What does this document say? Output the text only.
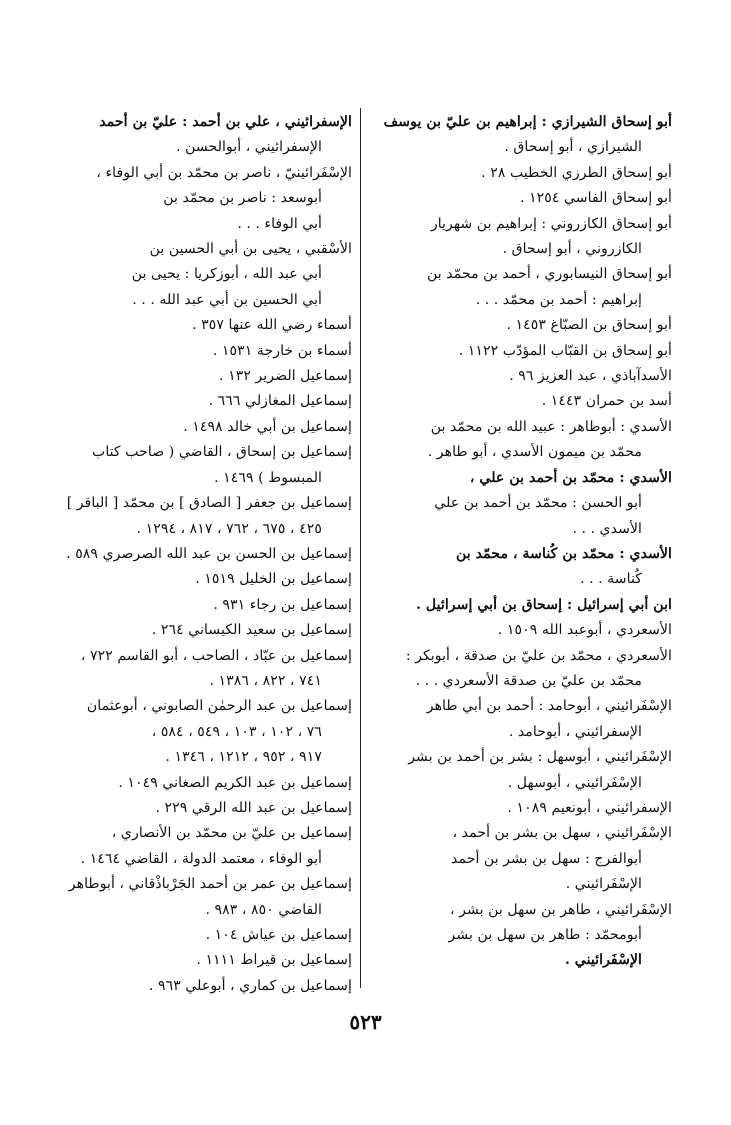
أبو إسحاق الشيرازي : إبراهيم بن عليّ بن يوسف
الشيرازي ، أبو إسحاق .
أبو إسحاق الطرزي الخطيب ٢٨ .
أبو إسحاق الفاسي ١٢٥٤ .
أبو إسحاق الكازروني : إبراهيم بن شهريار
الكازروني ، أبو إسحاق .
أبو إسحاق النيسابوري ، أحمد بن محمّد بن
إبراهيم : أحمد بن محمّد . . .
أبو إسحاق بن الصبّاغ ١٤٥٣ .
أبو إسحاق بن القبّاب المؤدّب ١١٢٢ .
الأسدآباذي ، عبد العزيز ٩٦ .
أسد بن حمران ١٤٤٣ .
الأسدي : أبوطاهر : عبيد الله بن محمّد بن
محمّد بن ميمون الأسدي ، أبو طاهر .
الأسدي : محمّد بن أحمد بن علي ،
أبو الحسن : محمّد بن أحمد بن علي
الأسدي . . .
الأسدي : محمّد بن كُناسة ، محمّد بن
كُناسة . . .
ابن أبي إسرائيل : إسحاق بن أبي إسرائيل .
الأسعردي ، أبوعبد الله ١٥٠٩ .
الأسعردي ، محمّد بن عليّ بن صدقة ، أبوبكر :
محمّد بن عليّ بن صدقة الأسعردي . . .
الإسْفَرائيني ، أبوحامد : أحمد بن أبي طاهر
الإسفرائيني ، أبوحامد .
الإسْفَرائيني ، أبوسهل : بشر بن أحمد بن بشر
الإسْفَرائيني ، أبوسهل .
الإسفرائيني ، أبونعيم ١٠٨٩ .
الإسْفَرائيني ، سهل بن بشر بن أحمد ،
أبوالفرج : سهل بن بشر بن أحمد
الإسْفَرائيني .
الإسْفَرائيني ، طاهر بن سهل بن بشر ،
أبومحمّد : طاهر بن سهل بن بشر
الإسْفَرائيني .
الإسفرائيني ، علي بن أحمد : عليّ بن أحمد
الإسفرائيني ، أبوالحسن .
الإسْفَرائينيّ ، ناصر بن محمّد بن أبي الوفاء ،
أبوسعد : ناصر بن محمّد بن
أبي الوفاء . . .
الأسْقبي ، يحيى بن أبي الحسين بن
أبي عبد الله ، أبوزكريا : يحيى بن
أبي الحسين بن أبي عبد الله . . .
أسماء رضي الله عنها ٣٥٧ .
أسماء بن خارجة ١٥٣١ .
إسماعيل الضرير ١٣٢ .
إسماعيل المغازلي ٦٦٦ .
إسماعيل بن أبي خالد ١٤٩٨ .
إسماعيل بن إسحاق ، القاضي ( صاحب كتاب
المبسوط ) ١٤٦٩ .
إسماعيل بن جعفر [ الصادق ] بن محمّد [ الباقر ]
٤٢٥ ، ٦٧٥ ، ٧٦٢ ، ٨١٧ ، ١٢٩٤ .
إسماعيل بن الحسن بن عبد الله الصرصري ٥٨٩ .
إسماعيل بن الخليل ١٥١٩ .
إسماعيل بن رجاء ٩٣١ .
إسماعيل بن سعيد الكيساني ٢٦٤ .
إسماعيل بن عبّاد ، الصاحب ، أبو القاسم ٧٢٢ ،
٧٤١ ، ٨٢٢ ، ١٣٨٦ .
إسماعيل بن عبد الرحمٰن الصابوني ، أبوعثمان
٧٦ ، ١٠٢ ، ١٠٣ ، ٥٤٩ ، ٥٨٤ ،
٩١٧ ، ٩٥٢ ، ١٢١٢ ، ١٣٤٦ .
إسماعيل بن عبد الكريم الصغاني ١٠٤٩ .
إسماعيل بن عبد الله الرقي ٢٢٩ .
إسماعيل بن عليّ بن محمّد بن الأنصاري ،
أبو الوفاء ، معتمد الدولة ، القاضي ١٤٦٤ .
إسماعيل بن عمر بن أحمد الجَرْباذْقاني ، أبوطاهر
القاضي ٨٥٠ ، ٩٨٣ .
إسماعيل بن عياش ١٠٤ .
إسماعيل بن قيراط ١١١١ .
إسماعيل بن كماري ، أبوعلي ٩٦٣ .
٥٢٣
